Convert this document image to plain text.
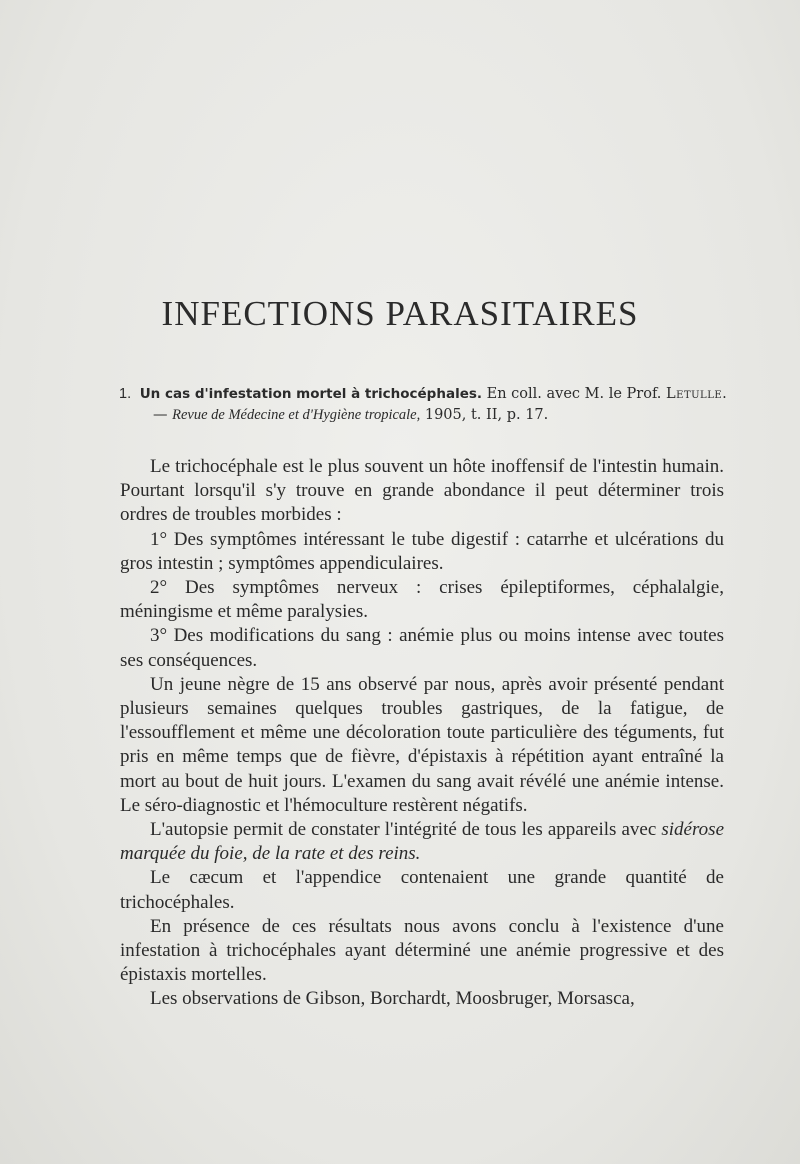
INFECTIONS PARASITAIRES
1. Un cas d'infestation mortel à trichocéphales. En coll. avec M. le Prof. Letulle.
— Revue de Médecine et d'Hygiène tropicale, 1905, t. II, p. 17.

Le trichocéphale est le plus souvent un hôte inoffensif de l'intestin humain. Pourtant lorsqu'il s'y trouve en grande abondance il peut déterminer trois ordres de troubles morbides :

1° Des symptômes intéressant le tube digestif : catarrhe et ulcérations du gros intestin ; symptômes appendiculaires.

2° Des symptômes nerveux : crises épileptiformes, céphalalgie, méningisme et même paralysies.

3° Des modifications du sang : anémie plus ou moins intense avec toutes ses conséquences.

Un jeune nègre de 15 ans observé par nous, après avoir présenté pendant plusieurs semaines quelques troubles gastriques, de la fatigue, de l'essoufflement et même une décoloration toute particulière des téguments, fut pris en même temps que de fièvre, d'épistaxis à répétition ayant entraîné la mort au bout de huit jours. L'examen du sang avait révélé une anémie intense. Le séro-diagnostic et l'hémoculture restèrent négatifs.

L'autopsie permit de constater l'intégrité de tous les appareils avec sidérose marquée du foie, de la rate et des reins.

Le cæcum et l'appendice contenaient une grande quantité de trichocéphales.

En présence de ces résultats nous avons conclu à l'existence d'une infestation à trichocéphales ayant déterminé une anémie progressive et des épistaxis mortelles.

Les observations de Gibson, Borchardt, Moosbruger, Morsasca,
